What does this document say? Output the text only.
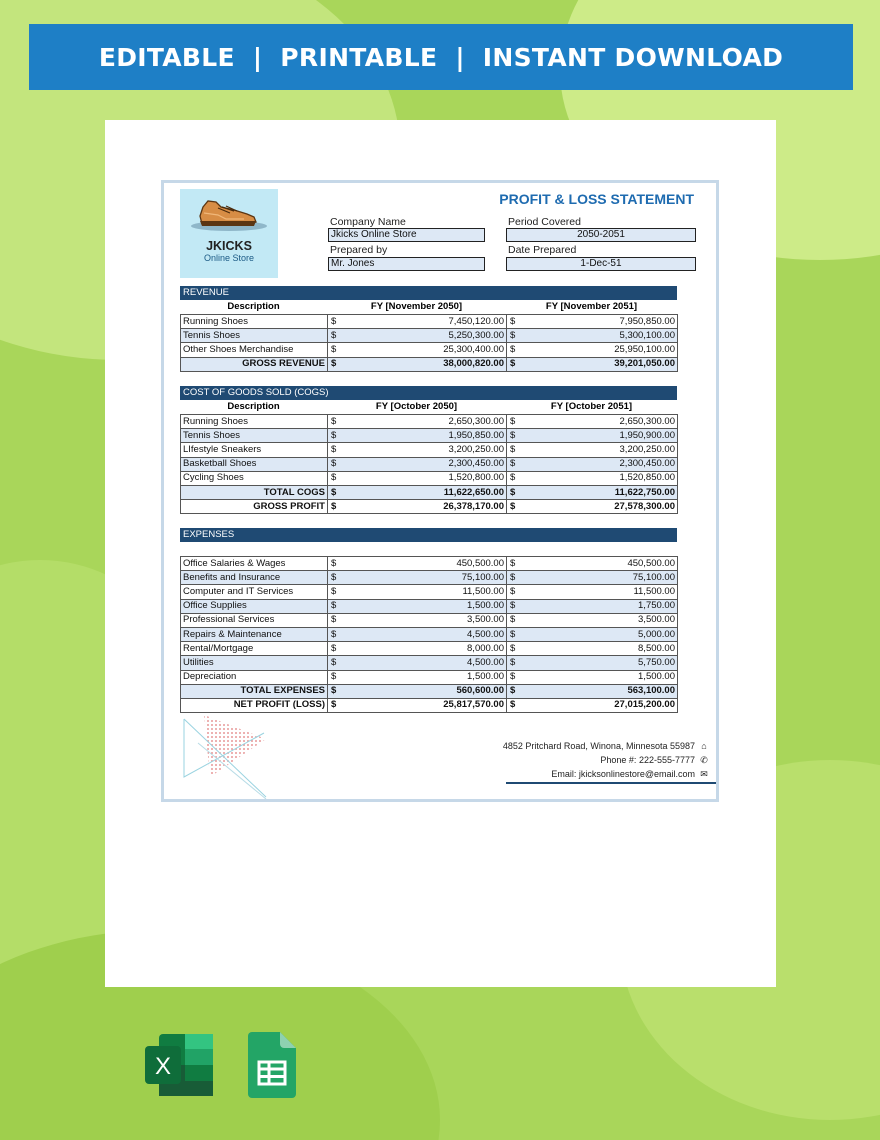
EDITABLE  |  PRINTABLE  |  INSTANT DOWNLOAD
JKICKS
Online Store
PROFIT & LOSS STATEMENT
Company Name
Jkicks Online Store
Prepared by
Mr. Jones
Period Covered
2050-2051
Date Prepared
1-Dec-51
REVENUE
Description	FY [November 2050]	FY [November 2051]
Running Shoes	$	7,450,120.00	$	7,950,850.00
Tennis Shoes	$	5,250,300.00	$	5,300,100.00
Other Shoes Merchandise	$	25,300,400.00	$	25,950,100.00
GROSS REVENUE	$	38,000,820.00	$	39,201,050.00
COST OF GOODS SOLD (COGS)
Description	FY [October 2050]	FY [October 2051]
Running Shoes	$	2,650,300.00	$	2,650,300.00
Tennis Shoes	$	1,950,850.00	$	1,950,900.00
LIfestyle Sneakers	$	3,200,250.00	$	3,200,250.00
Basketball Shoes	$	2,300,450.00	$	2,300,450.00
Cycling Shoes	$	1,520,800.00	$	1,520,850.00
TOTAL COGS	$	11,622,650.00	$	11,622,750.00
GROSS PROFIT	$	26,378,170.00	$	27,578,300.00
EXPENSES
Office Salaries & Wages	$	450,500.00	$	450,500.00
Benefits and Insurance	$	75,100.00	$	75,100.00
Computer and IT Services	$	11,500.00	$	11,500.00
Office Supplies	$	1,500.00	$	1,750.00
Professional Services	$	3,500.00	$	3,500.00
Repairs & Maintenance	$	4,500.00	$	5,000.00
Rental/Mortgage	$	8,000.00	$	8,500.00
Utilities	$	4,500.00	$	5,750.00
Depreciation	$	1,500.00	$	1,500.00
TOTAL EXPENSES	$	560,600.00	$	563,100.00
NET PROFIT (LOSS)	$	25,817,570.00	$	27,015,200.00
4852 Pritchard Road, Winona, Minnesota 55987 ⌂
Phone #: 222-555-7777 ✆
Email: jkicksonlinestore@email.com ✉
X
